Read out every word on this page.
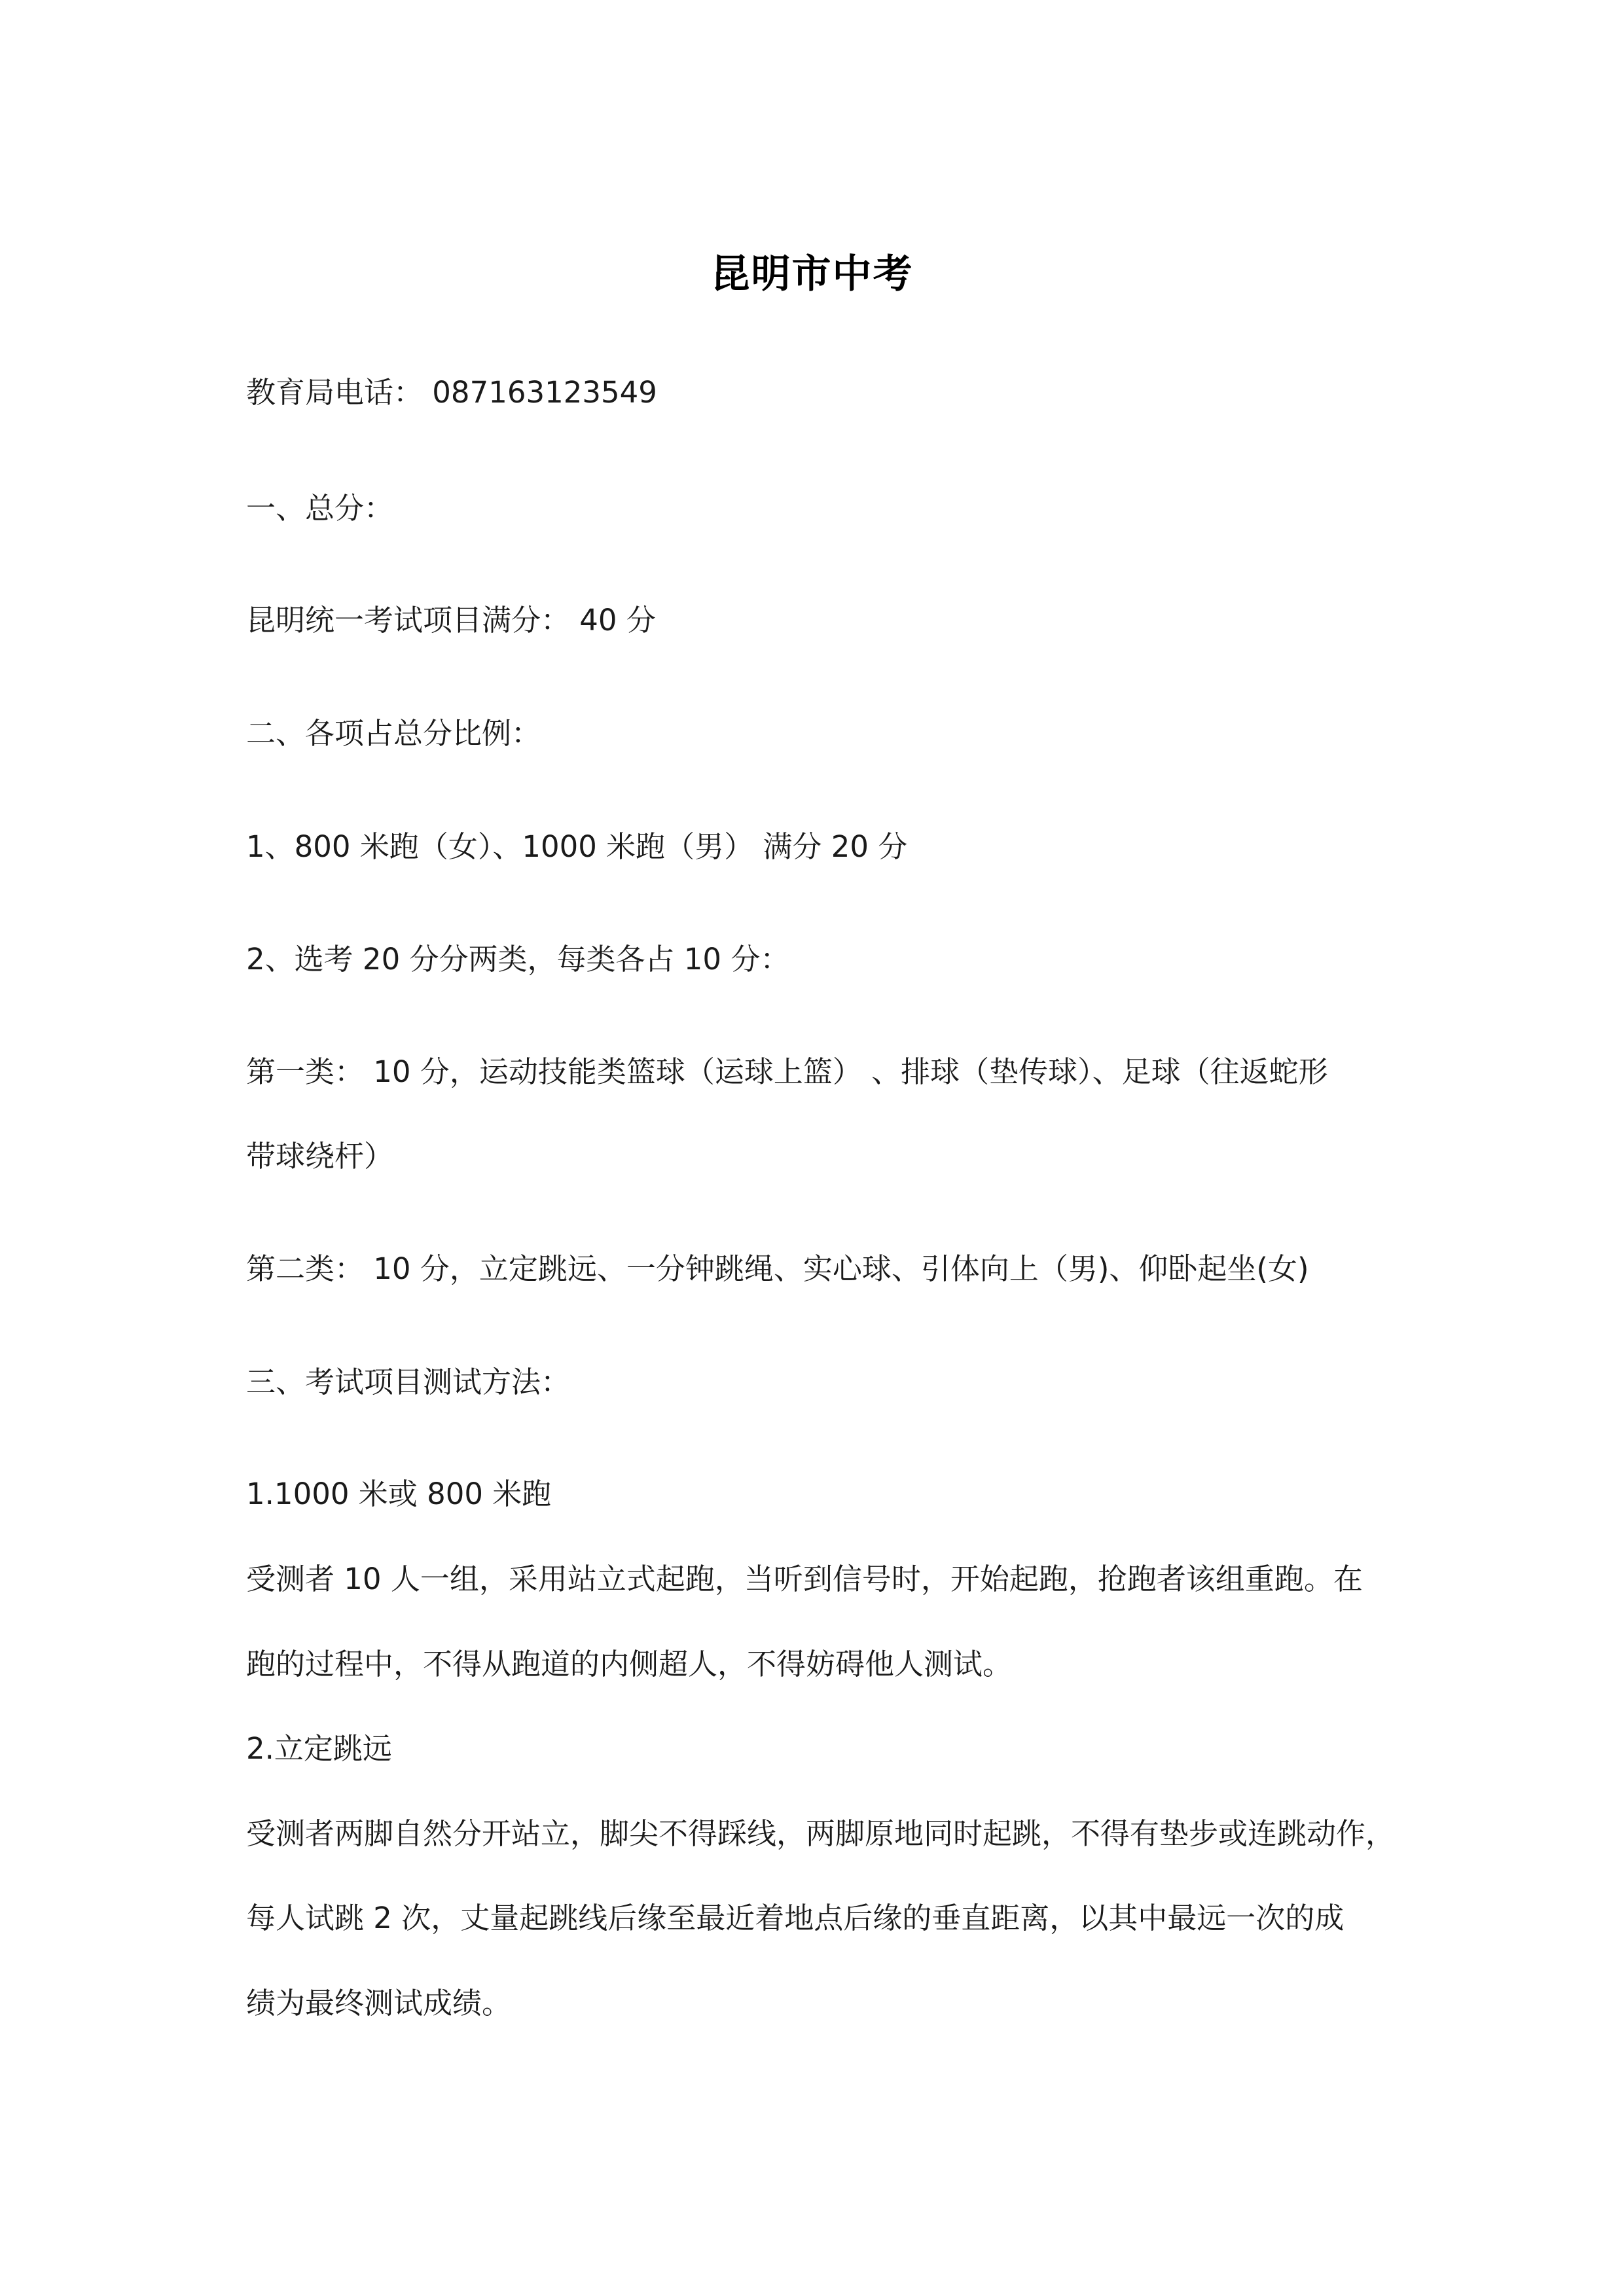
昆明市中考
教育局电话： 087163123549
一、总分：
昆明统一考试项目满分： 40 分
二、各项占总分比例：
1、800 米跑（女）、1000 米跑（男） 满分 20 分
2、选考 20 分分两类，每类各占 10 分：
第一类： 10 分，运动技能类篮球（运球上篮） 、排球（垫传球）、足球（往返蛇形
带球绕杆）
第二类： 10 分，立定跳远、一分钟跳绳、实心球、引体向上（男)、仰卧起坐(女)
三、考试项目测试方法：
1.1000 米或 800 米跑
受测者 10 人一组，采用站立式起跑，当听到信号时，开始起跑，抢跑者该组重跑。在
跑的过程中，不得从跑道的内侧超人，不得妨碍他人测试。
2.立定跳远
受测者两脚自然分开站立，脚尖不得踩线，两脚原地同时起跳，不得有垫步或连跳动作，
每人试跳 2 次，丈量起跳线后缘至最近着地点后缘的垂直距离，以其中最远一次的成
绩为最终测试成绩。
